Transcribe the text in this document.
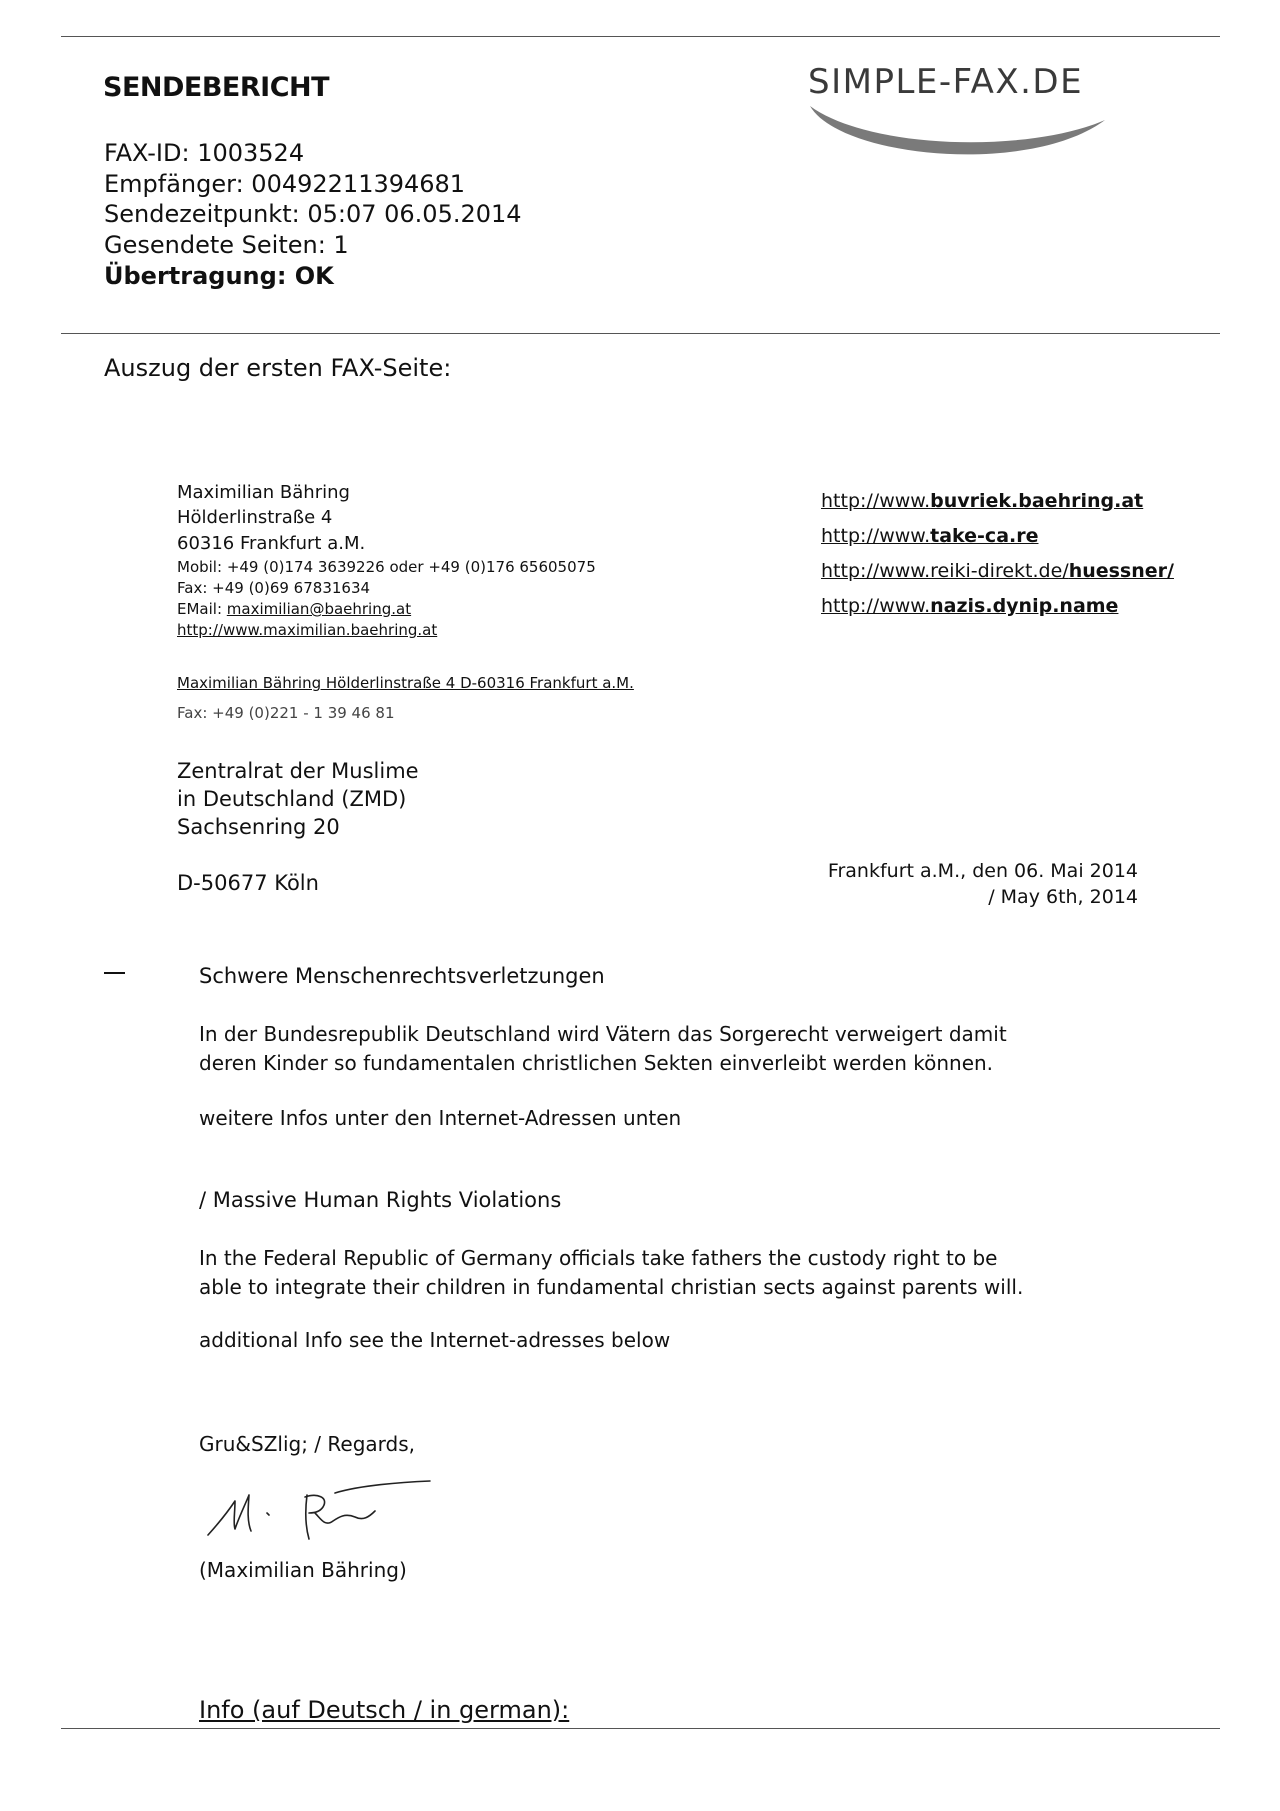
SENDEBERICHT	SIMPLE-FAX.DE
FAX-ID: 1003524
Empfänger: 00492211394681
Sendezeitpunkt: 05:07 06.05.2014
Gesendete Seiten: 1
Übertragung: OK
Auszug der ersten FAX-Seite:
Maximilian Bähring
Hölderlinstraße 4
60316 Frankfurt a.M.
Mobil: +49 (0)174 3639226 oder +49 (0)176 65605075
Fax: +49 (0)69 67831634
EMail: maximilian@baehring.at
http://www.maximilian.baehring.at
http://www.buvriek.baehring.at
http://www.take-ca.re
http://www.reiki-direkt.de/huessner/
http://www.nazis.dynip.name
Maximilian Bähring Hölderlinstraße 4 D-60316 Frankfurt a.M.
Fax: +49 (0)221 - 1 39 46 81
Zentralrat der Muslime
in Deutschland (ZMD)
Sachsenring 20
D-50677 Köln	Frankfurt a.M., den 06. Mai 2014
/ May 6th, 2014
Schwere Menschenrechtsverletzungen
In der Bundesrepublik Deutschland wird Vätern das Sorgerecht verweigert damit
deren Kinder so fundamentalen christlichen Sekten einverleibt werden können.
weitere Infos unter den Internet-Adressen unten
/ Massive Human Rights Violations
In the Federal Republic of Germany officials take fathers the custody right to be
able to integrate their children in fundamental christian sects against parents will.
additional Info see the Internet-adresses below
Gru&SZlig; / Regards,
(Maximilian Bähring)
Info (auf Deutsch / in german):
